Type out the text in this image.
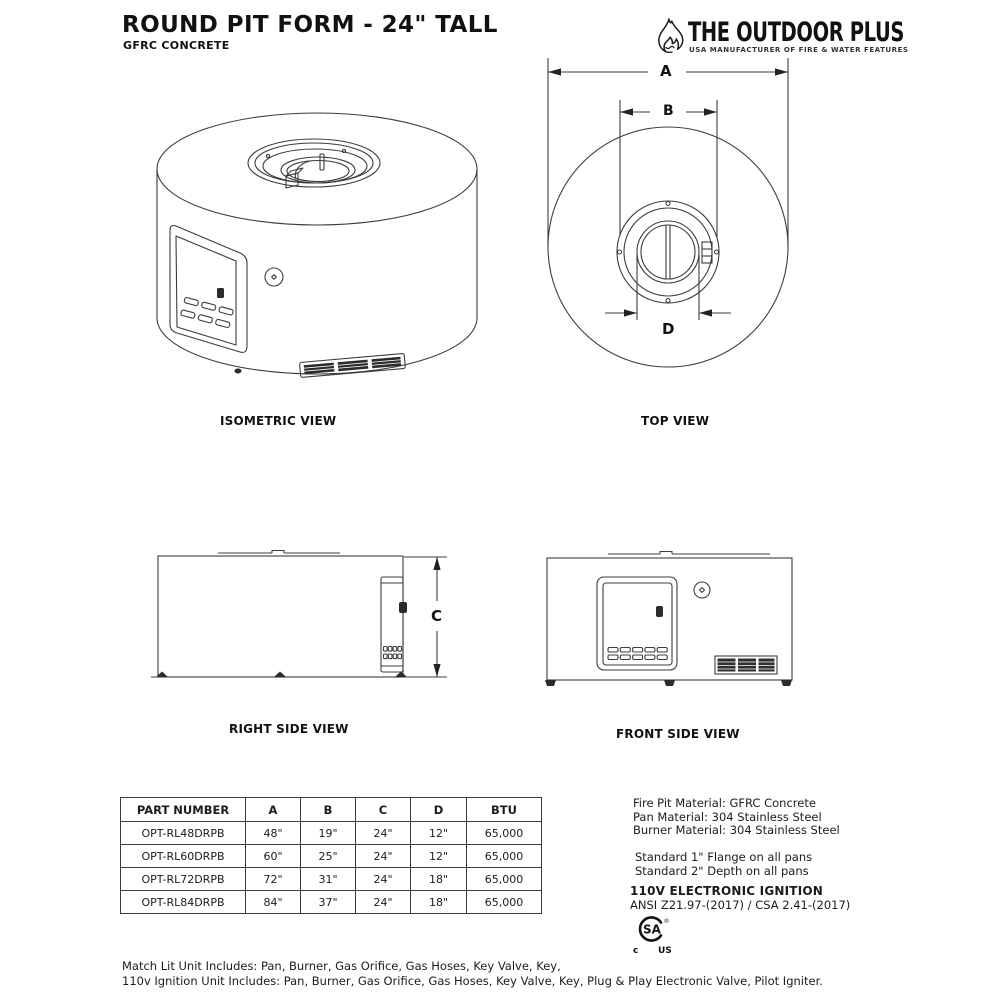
ROUND PIT FORM - 24" TALL
GFRC CONCRETE	THE OUTDOOR PLUS
USA MANUFACTURER OF FIRE & WATER FEATURES
ISOMETRIC VIEW	TOP VIEW
RIGHT SIDE VIEW	FRONT SIDE VIEW
A
B
D
C
PART NUMBER	A	B	C	D	BTU
OPT-RL48DRPB	48"	19"	24"	12"	65,000
OPT-RL60DRPB	60"	25"	24"	12"	65,000
OPT-RL72DRPB	72"	31"	24"	18"	65,000
OPT-RL84DRPB	84"	37"	24"	18"	65,000
Fire Pit Material: GFRC Concrete
Pan Material: 304 Stainless Steel
Burner Material: 304 Stainless Steel
Standard 1" Flange on all pans
Standard 2" Depth on all pans
110V ELECTRONIC IGNITION
ANSI Z21.97-(2017) / CSA 2.41-(2017)
SA
®
c US
Match Lit Unit Includes: Pan, Burner, Gas Orifice, Gas Hoses, Key Valve, Key,
110v Ignition Unit Includes: Pan, Burner, Gas Orifice, Gas Hoses, Key Valve, Key, Plug & Play Electronic Valve, Pilot Igniter.
